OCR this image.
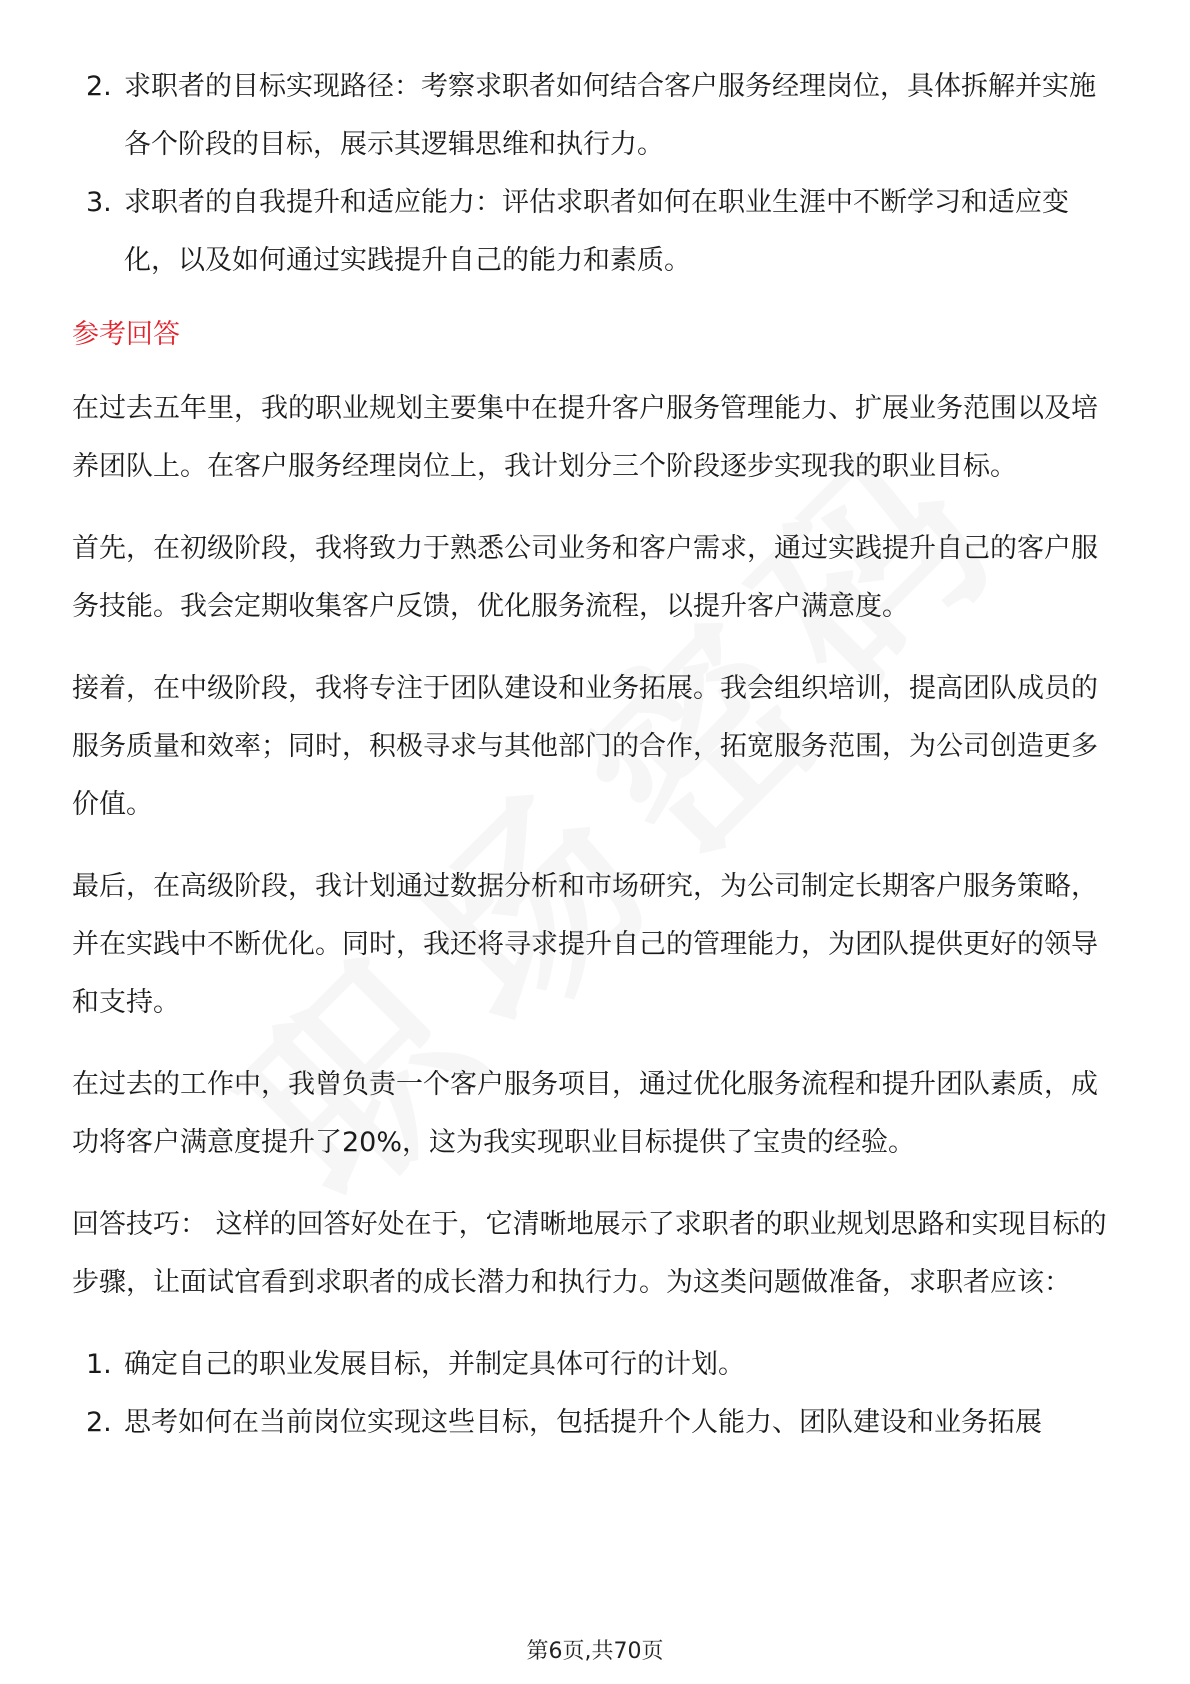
2. 求职者的目标实现路径：考察求职者如何结合客户服务经理岗位，具体拆解并实施各个阶段的目标，展示其逻辑思维和执行力。
3. 求职者的自我提升和适应能力：评估求职者如何在职业生涯中不断学习和适应变化，以及如何通过实践提升自己的能力和素质。
参考回答

在过去五年里，我的职业规划主要集中在提升客户服务管理能力、扩展业务范围以及培养团队上。在客户服务经理岗位上，我计划分三个阶段逐步实现我的职业目标。

首先，在初级阶段，我将致力于熟悉公司业务和客户需求，通过实践提升自己的客户服务技能。我会定期收集客户反馈，优化服务流程，以提升客户满意度。

接着，在中级阶段，我将专注于团队建设和业务拓展。我会组织培训，提高团队成员的服务质量和效率；同时，积极寻求与其他部门的合作，拓宽服务范围，为公司创造更多价值。

最后，在高级阶段，我计划通过数据分析和市场研究，为公司制定长期客户服务策略，并在实践中不断优化。同时，我还将寻求提升自己的管理能力，为团队提供更好的领导和支持。

在过去的工作中，我曾负责一个客户服务项目，通过优化服务流程和提升团队素质，成功将客户满意度提升了20%，这为我实现职业目标提供了宝贵的经验。

回答技巧： 这样的回答好处在于，它清晰地展示了求职者的职业规划思路和实现目标的步骤，让面试官看到求职者的成长潜力和执行力。为这类问题做准备，求职者应该：

1. 确定自己的职业发展目标，并制定具体可行的计划。
2. 思考如何在当前岗位实现这些目标，包括提升个人能力、团队建设和业务拓展
第6页,共70页
